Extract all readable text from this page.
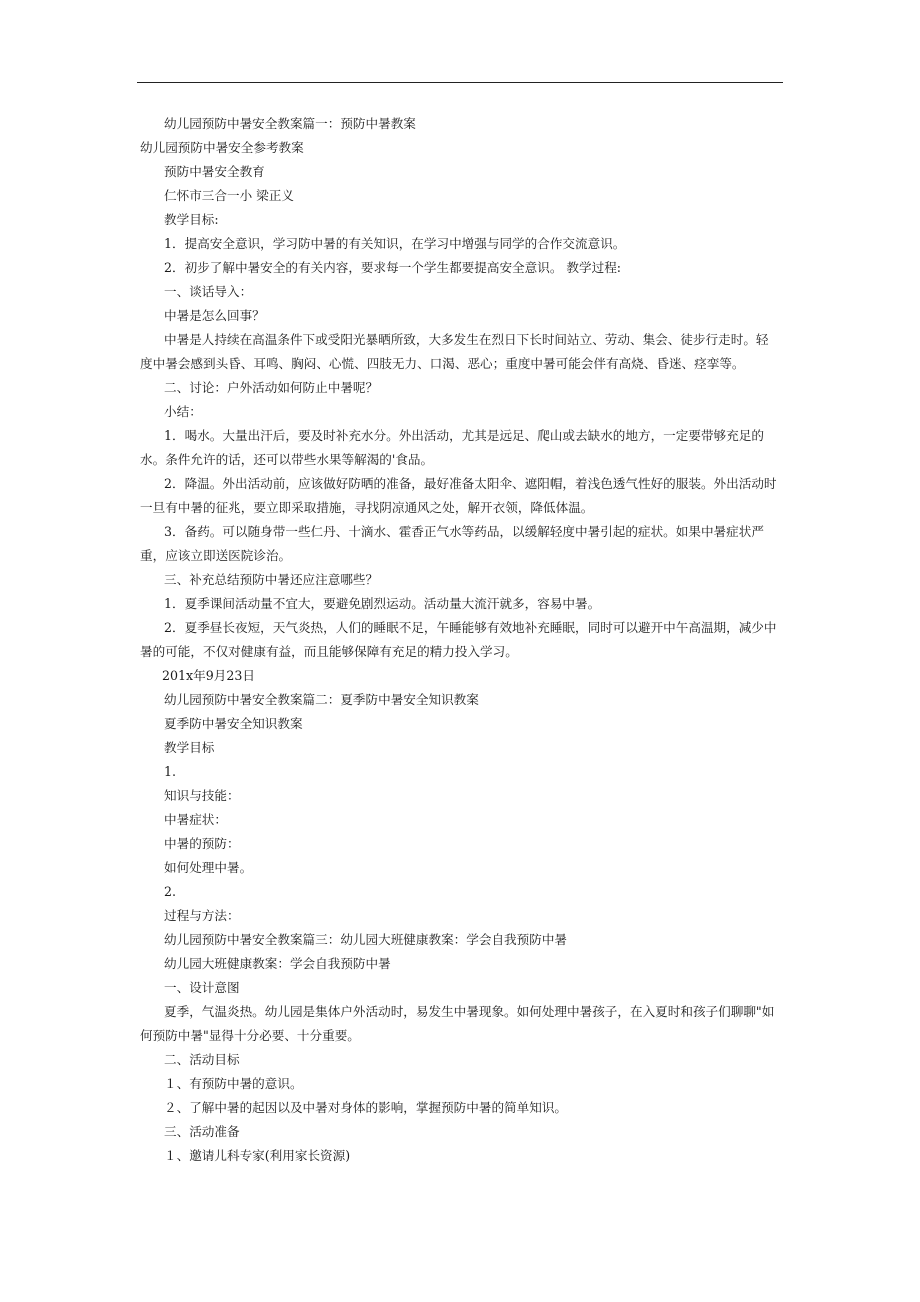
幼儿园预防中暑安全教案篇一：预防中暑教案

幼儿园预防中暑安全参考教案

预防中暑安全教育

仁怀市三合一小 梁正义

教学目标:

1．提高安全意识，学习防中暑的有关知识，在学习中增强与同学的合作交流意识。

2．初步了解中暑安全的有关内容，要求每一个学生都要提高安全意识。 教学过程:

一、谈话导入：

中暑是怎么回事？

中暑是人持续在高温条件下或受阳光暴晒所致，大多发生在烈日下长时间站立、劳动、集会、徒步行走时。轻度中暑会感到头昏、耳鸣、胸闷、心慌、四肢无力、口渴、恶心；重度中暑可能会伴有高烧、昏迷、痉挛等。

二、讨论：户外活动如何防止中暑呢？

小结：

1．喝水。大量出汗后，要及时补充水分。外出活动，尤其是远足、爬山或去缺水的地方，一定要带够充足的水。条件允许的话，还可以带些水果等解渴的'食品。

2．降温。外出活动前，应该做好防晒的准备，最好准备太阳伞、遮阳帽，着浅色透气性好的服装。外出活动时一旦有中暑的征兆，要立即采取措施，寻找阴凉通风之处，解开衣领，降低体温。

3．备药。可以随身带一些仁丹、十滴水、霍香正气水等药品，以缓解轻度中暑引起的症状。如果中暑症状严重，应该立即送医院诊治。

三、补充总结预防中暑还应注意哪些？

1．夏季课间活动量不宜大，要避免剧烈运动。活动量大流汗就多，容易中暑。

2．夏季昼长夜短，天气炎热，人们的睡眠不足，午睡能够有效地补充睡眠，同时可以避开中午高温期，减少中暑的可能，不仅对健康有益，而且能够保障有充足的精力投入学习。

201x年9月23日

幼儿园预防中暑安全教案篇二：夏季防中暑安全知识教案

夏季防中暑安全知识教案

教学目标

1.

知识与技能：

中暑症状：

中暑的预防：

如何处理中暑。

2.

过程与方法：

幼儿园预防中暑安全教案篇三：幼儿园大班健康教案：学会自我预防中暑

幼儿园大班健康教案：学会自我预防中暑

一、设计意图

夏季，气温炎热。幼儿园是集体户外活动时，易发生中暑现象。如何处理中暑孩子，在入夏时和孩子们聊聊"如何预防中暑"显得十分必要、十分重要。

二、活动目标

１、有预防中暑的意识。

２、了解中暑的起因以及中暑对身体的影响，掌握预防中暑的简单知识。

三、活动准备

１、邀请儿科专家(利用家长资源)
